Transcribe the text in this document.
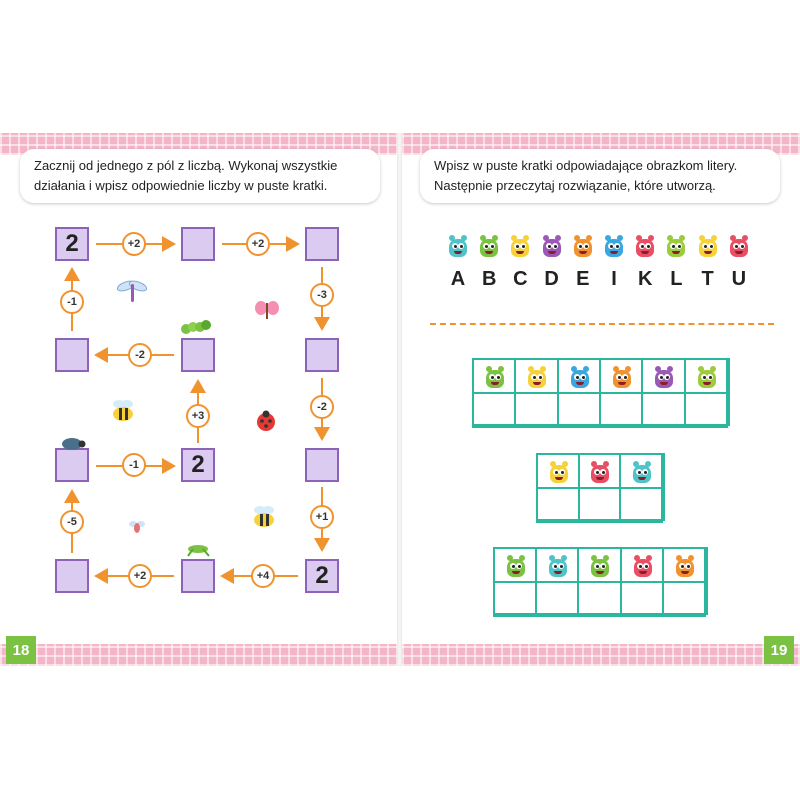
Zacznij od jednego z pól z liczbą. Wykonaj wszystkie
działania i wpisz odpowiednie liczby w puste kratki.
2
2
2
+2	+2
-1
-3
-2
+3
-2
-1
-5	+1
+2	+4
18
Wpisz w puste kratki odpowiadające obrazkom litery.
Następnie przeczytaj rozwiązanie, które utworzą.
A B C D E	I	K L T U
19
